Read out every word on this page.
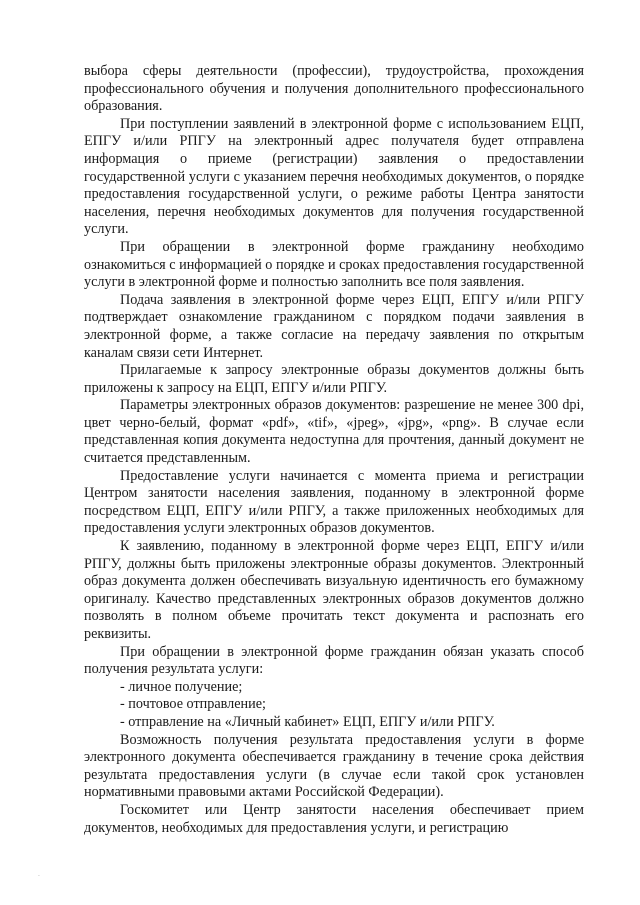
выбора сферы деятельности (профессии), трудоустройства, прохождения профессионального обучения и получения дополнительного профессионального образования.

При поступлении заявлений в электронной форме с использованием ЕЦП, ЕПГУ и/или РПГУ на электронный адрес получателя будет отправлена информация о приеме (регистрации) заявления о предоставлении государственной услуги с указанием перечня необходимых документов, о порядке предоставления государственной услуги, о режиме работы Центра занятости населения, перечня необходимых документов для получения государственной услуги.

При обращении в электронной форме гражданину необходимо ознакомиться с информацией о порядке и сроках предоставления государственной услуги в электронной форме и полностью заполнить все поля заявления.

Подача заявления в электронной форме через ЕЦП, ЕПГУ и/или РПГУ подтверждает ознакомление гражданином с порядком подачи заявления в электронной форме, а также согласие на передачу заявления по открытым каналам связи сети Интернет.

Прилагаемые к запросу электронные образы документов должны быть приложены к запросу на ЕЦП, ЕПГУ и/или РПГУ.

Параметры электронных образов документов: разрешение не менее 300 dpi, цвет черно-белый, формат «pdf», «tif», «jpeg», «jpg», «png». В случае если представленная копия документа недоступна для прочтения, данный документ не считается представленным.

Предоставление услуги начинается с момента приема и регистрации Центром занятости населения заявления, поданному в электронной форме посредством ЕЦП, ЕПГУ и/или РПГУ, а также приложенных необходимых для предоставления услуги электронных образов документов.

К заявлению, поданному в электронной форме через ЕЦП, ЕПГУ и/или РПГУ, должны быть приложены электронные образы документов. Электронный образ документа должен обеспечивать визуальную идентичность его бумажному оригиналу. Качество представленных электронных образов документов должно позволять в полном объеме прочитать текст документа и распознать его реквизиты.

При обращении в электронной форме гражданин обязан указать способ получения результата услуги:

- личное получение;

- почтовое отправление;

- отправление на «Личный кабинет» ЕЦП, ЕПГУ и/или РПГУ.

Возможность получения результата предоставления услуги в форме электронного документа обеспечивается гражданину в течение срока действия результата предоставления услуги (в случае если такой срок установлен нормативными правовыми актами Российской Федерации).

Госкомитет или Центр занятости населения обеспечивает прием документов, необходимых для предоставления услуги, и регистрацию

·
